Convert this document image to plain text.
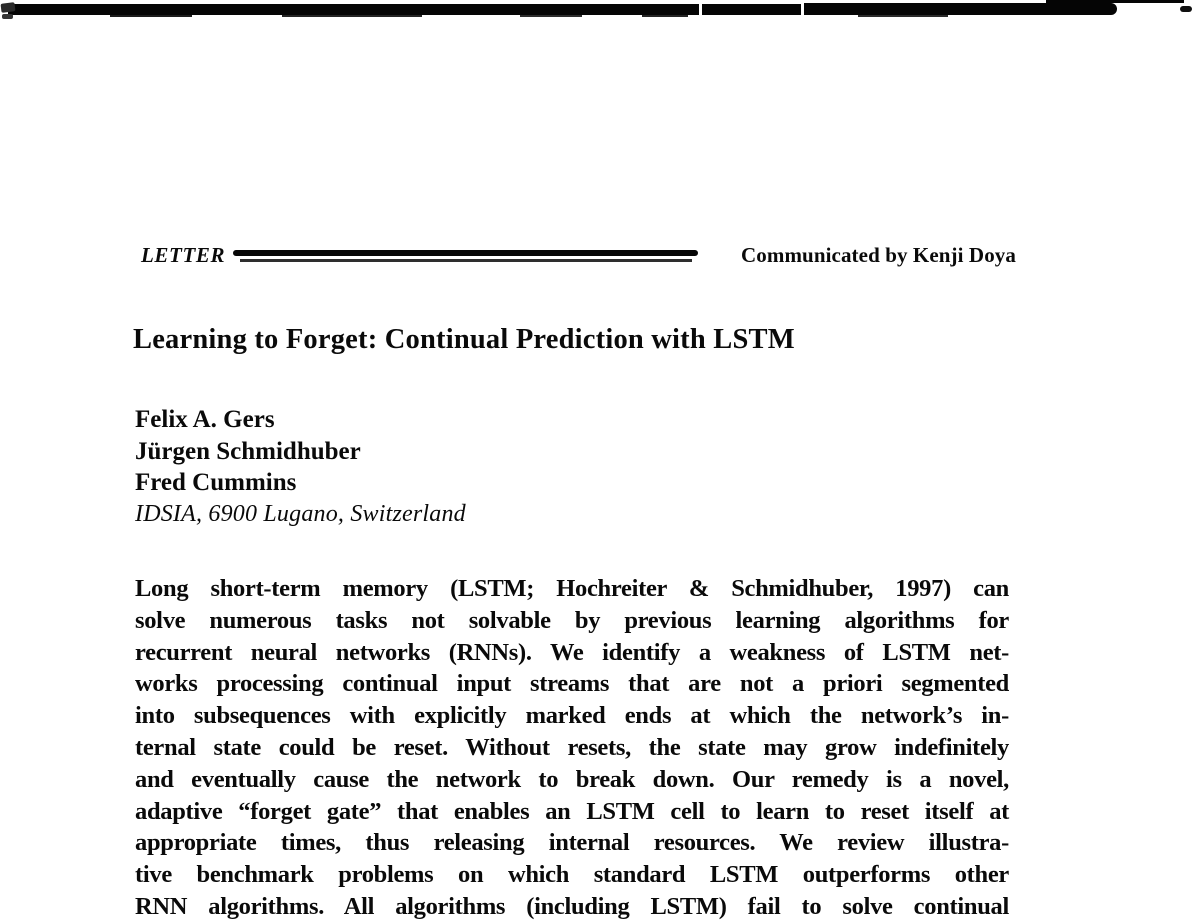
LETTER	Communicated by Kenji Doya
Learning to Forget: Continual Prediction with LSTM
Felix A. Gers
Jürgen Schmidhuber
Fred Cummins
IDSIA, 6900 Lugano, Switzerland
Long short-term memory (LSTM; Hochreiter & Schmidhuber, 1997) can
solve numerous tasks not solvable by previous learning algorithms for
recurrent neural networks (RNNs). We identify a weakness of LSTM net-
works processing continual input streams that are not a priori segmented
into subsequences with explicitly marked ends at which the network’s in-
ternal state could be reset. Without resets, the state may grow indefinitely
and eventually cause the network to break down. Our remedy is a novel,
adaptive “forget gate” that enables an LSTM cell to learn to reset itself at
appropriate times, thus releasing internal resources. We review illustra-
tive benchmark problems on which standard LSTM outperforms other
RNN algorithms. All algorithms (including LSTM) fail to solve continual
